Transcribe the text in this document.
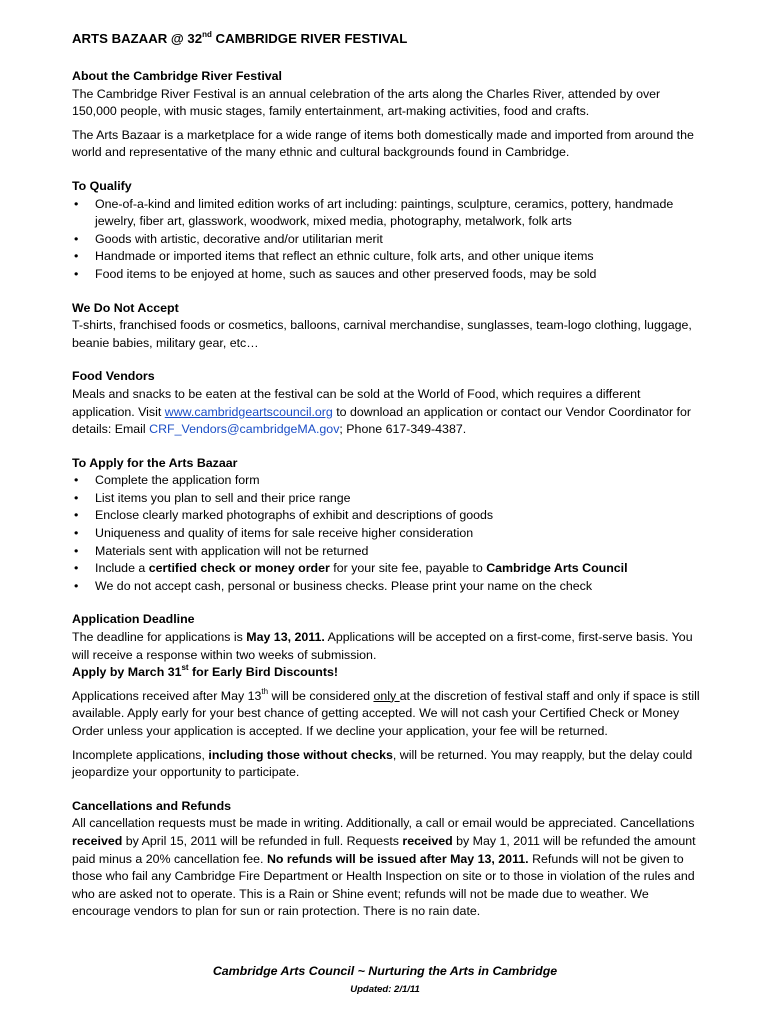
ARTS BAZAAR @ 32nd CAMBRIDGE RIVER FESTIVAL

About the Cambridge River Festival

The Cambridge River Festival is an annual celebration of the arts along the Charles River, attended by over 150,000 people, with music stages, family entertainment, art-making activities, food and crafts.

The Arts Bazaar is a marketplace for a wide range of items both domestically made and imported from around the world and representative of the many ethnic and cultural backgrounds found in Cambridge.

To Qualify

• One-of-a-kind and limited edition works of art including: paintings, sculpture, ceramics, pottery, handmade jewelry, fiber art, glasswork, woodwork, mixed media, photography, metalwork, folk arts
• Goods with artistic, decorative and/or utilitarian merit
• Handmade or imported items that reflect an ethnic culture, folk arts, and other unique items
• Food items to be enjoyed at home, such as sauces and other preserved foods, may be sold

We Do Not Accept

T-shirts, franchised foods or cosmetics, balloons, carnival merchandise, sunglasses, team-logo clothing, luggage, beanie babies, military gear, etc…

Food Vendors

Meals and snacks to be eaten at the festival can be sold at the World of Food, which requires a different application. Visit www.cambridgeartscouncil.org to download an application or contact our Vendor Coordinator for details: Email CRF_Vendors@cambridgeMA.gov; Phone 617-349-4387.

To Apply for the Arts Bazaar

• Complete the application form
• List items you plan to sell and their price range
• Enclose clearly marked photographs of exhibit and descriptions of goods
• Uniqueness and quality of items for sale receive higher consideration
• Materials sent with application will not be returned
• Include a certified check or money order for your site fee, payable to Cambridge Arts Council
• We do not accept cash, personal or business checks. Please print your name on the check

Application Deadline

The deadline for applications is May 13, 2011. Applications will be accepted on a first-come, first-serve basis. You will receive a response within two weeks of submission.

Apply by March 31st for Early Bird Discounts!

Applications received after May 13th will be considered only at the discretion of festival staff and only if space is still available. Apply early for your best chance of getting accepted. We will not cash your Certified Check or Money Order unless your application is accepted. If we decline your application, your fee will be returned.

Incomplete applications, including those without checks, will be returned. You may reapply, but the delay could jeopardize your opportunity to participate.

Cancellations and Refunds

All cancellation requests must be made in writing. Additionally, a call or email would be appreciated. Cancellations received by April 15, 2011 will be refunded in full. Requests received by May 1, 2011 will be refunded the amount paid minus a 20% cancellation fee. No refunds will be issued after May 13, 2011. Refunds will not be given to those who fail any Cambridge Fire Department or Health Inspection on site or to those in violation of the rules and who are asked not to operate. This is a Rain or Shine event; refunds will not be made due to weather. We encourage vendors to plan for sun or rain protection. There is no rain date.

Cambridge Arts Council ~ Nurturing the Arts in Cambridge
Updated: 2/1/11
